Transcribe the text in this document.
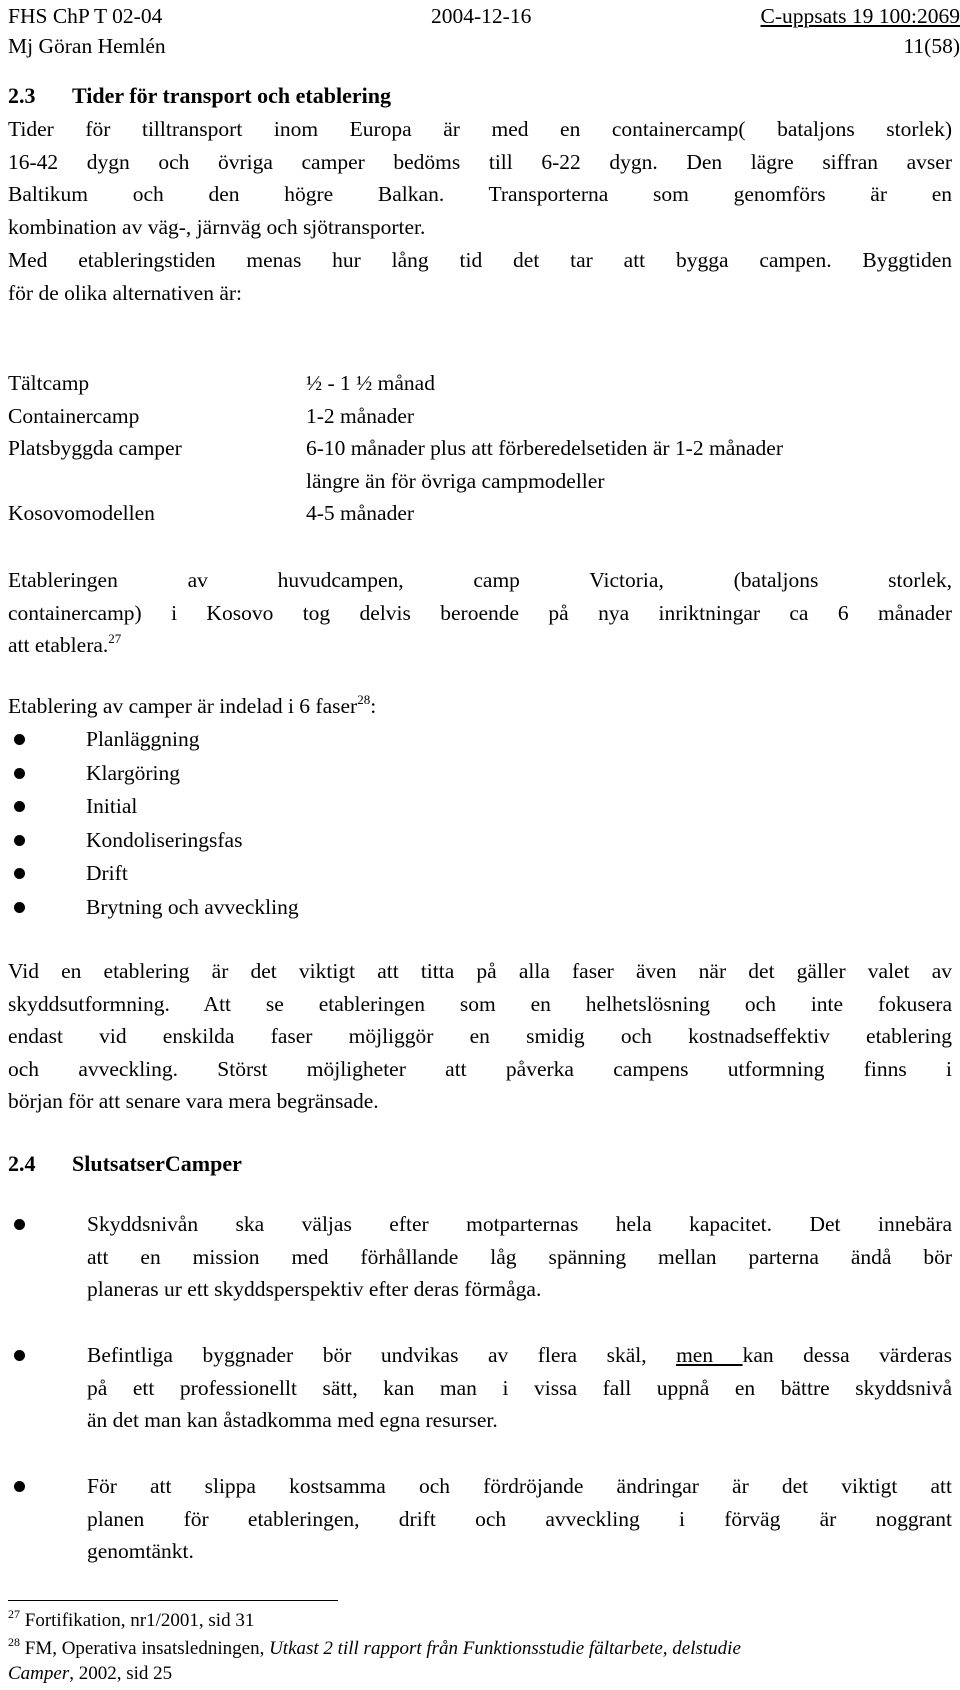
FHS ChP T 02-04	2004-12-16	C-uppsats 19 100:2069
Mj Göran Hemlén	11(58)
2.3 Tider för transport och etablering
Tider för tilltransport inom Europa är med en containercamp( bataljons storlek)
16-42 dygn och övriga camper bedöms till 6-22 dygn. Den lägre siffran avser
Baltikum och den högre Balkan. Transporterna som genomförs är en
kombination av väg-, järnväg och sjötransporter.
Med etableringstiden menas hur lång tid det tar att bygga campen. Byggtiden
för de olika alternativen är:
Tältcamp	½ - 1 ½ månad
Containercamp	1-2 månader
Platsbyggda camper	6-10 månader plus att förberedelsetiden är 1-2 månader
längre än för övriga campmodeller
Kosovomodellen	4-5 månader
Etableringen av huvudcampen, camp Victoria, (bataljons storlek,
containercamp) i Kosovo tog delvis beroende på nya inriktningar ca 6 månader
att etablera.$^{27}$
Etablering av camper är indelad i 6 faser$^{28}$:
Planläggning
Klargöring
Initial
Kondoliseringsfas
Drift
Brytning och avveckling
Vid en etablering är det viktigt att titta på alla faser även när det gäller valet av
skyddsutformning. Att se etableringen som en helhetslösning och inte fokusera
endast vid enskilda faser möjliggör en smidig och kostnadseffektiv etablering
och avveckling. Störst möjligheter att påverka campens utformning finns i
början för att senare vara mera begränsade.
2.4 SlutsatserCamper
Skyddsnivån ska väljas efter motparternas hela kapacitet. Det innebära
att en mission med förhållande låg spänning mellan parterna ändå bör
planeras ur ett skyddsperspektiv efter deras förmåga.
Befintliga byggnader bör undvikas av flera skäl, men kan dessa värderas
på ett professionellt sätt, kan man i vissa fall uppnå en bättre skyddsnivå
än det man kan åstadkomma med egna resurser.
För att slippa kostsamma och fördröjande ändringar är det viktigt att
planen för etableringen, drift och avveckling i förväg är noggrant
genomtänkt.
$^{27}$ Fortifikation, nr1/2001, sid 31
$^{28}$ FM, Operativa insatsledningen, Utkast 2 till rapport från Funktionsstudie fältarbete, delstudie
Camper, 2002, sid 25
